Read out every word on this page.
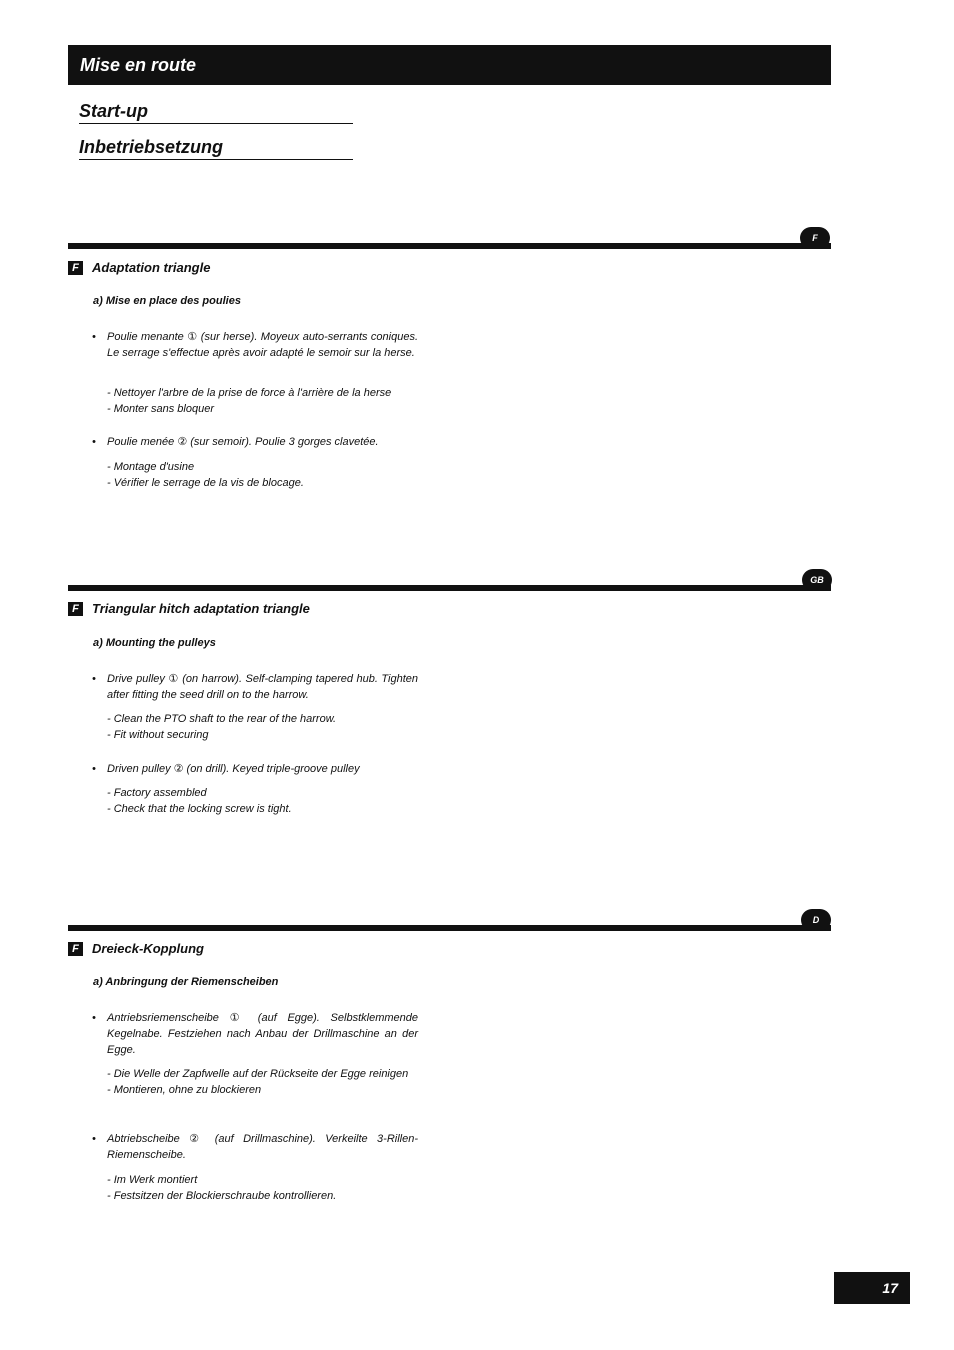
Mise en route
Start-up
Inbetriebsetzung
F
F	Adaptation triangle
a) Mise en place des poulies
• Poulie menante ① (sur herse). Moyeux auto-serrants coniques. Le serrage s'effectue après avoir adapté le semoir sur la herse.
- Nettoyer l'arbre de la prise de force à l'arrière de la herse
- Monter sans bloquer
• Poulie menée ② (sur semoir). Poulie 3 gorges clavetée.
- Montage d'usine
- Vérifier le serrage de la vis de blocage.
GB
F	Triangular hitch adaptation triangle
a) Mounting the pulleys
• Drive pulley ① (on harrow). Self-clamping tapered hub. Tighten after fitting the seed drill on to the harrow.
- Clean the PTO shaft to the rear of the harrow.
- Fit without securing
• Driven pulley ② (on drill). Keyed triple-groove pulley
- Factory assembled
- Check that the locking screw is tight.
D
F	Dreieck-Kopplung
a) Anbringung der Riemenscheiben
• Antriebsriemenscheibe ① (auf Egge). Selbstklemmende Kegelnabe. Festziehen nach Anbau der Drillmaschine an der Egge.
- Die Welle der Zapfwelle auf der Rückseite der Egge reinigen
- Montieren, ohne zu blockieren
• Abtriebscheibe ② (auf Drillmaschine). Verkeilte 3-Rillen-Riemenscheibe.
- Im Werk montiert
- Festsitzen der Blockierschraube kontrollieren.
17
